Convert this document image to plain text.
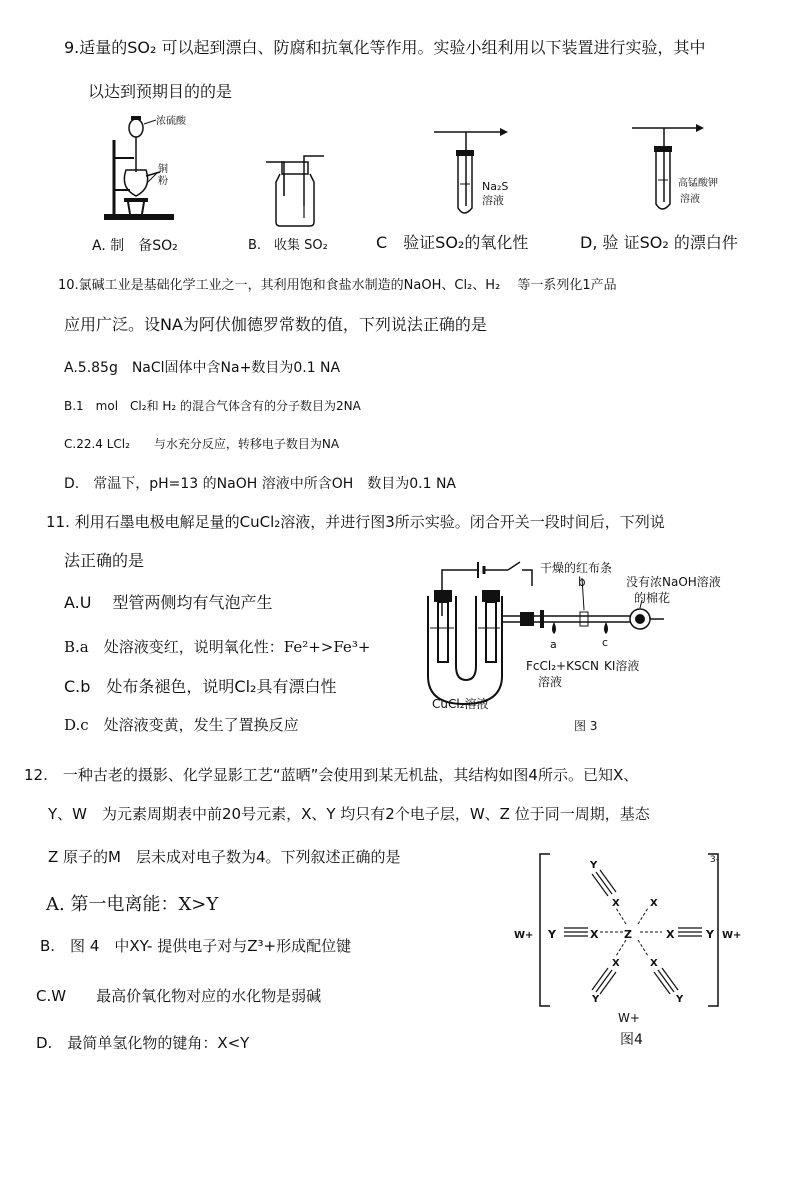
9.适量的SO₂ 可以起到漂白、防腐和抗氧化等作用。实验小组利用以下装置进行实验，其中
以达到预期目的的是
浓硫酸
铜
粉	Na₂S
溶液
高锰酸钾
溶液
A. 制　备SO₂	B.　收集 SO₂	C　验证SO₂的氧化性	D, 验 证SO₂ 的漂白件
10.氯碱工业是基础化学工业之一，其利用饱和食盐水制造的NaOH、Cl₂、H₂　 等一系列化1产品
应用广泛。设NA为阿伏伽德罗常数的值，下列说法正确的是
A.5.85g　NaCl固体中含Na+数目为0.1 NA
B.1　mol　Cl₂和 H₂ 的混合气体含有的分子数目为2NA
C.22.4 LCl₂　　与水充分反应，转移电子数目为NA
D.　常温下，pH=13 的NaOH 溶液中所含OH　数目为0.1 NA
11. 利用石墨电极电解足量的CuCl₂溶液，并进行图3所示实验。闭合开关一段时间后，下列说
法正确的是
A.U　 型管两侧均有气泡产生
B.a　处溶液变红，说明氧化性：Fe²+>Fe³+
C.b　处布条褪色，说明Cl₂具有漂白性
D.c　处溶液变黄，发生了置换反应
干燥的红布条
b	没有浓NaOH溶液
的棉花
a	c
FcCl₂+KSCN
溶液
KI溶液
CuCl₂溶液
图 3
12.　一种古老的摄影、化学显影工艺“蓝晒”会使用到某无机盐，其结构如图4所示。已知X、
Y、W　为元素周期表中前20号元素，X、Y 均只有2个电子层，W、Z 位于同一周期，基态
Z 原子的M　层未成对电子数为4。下列叙述正确的是
A. 第一电离能：X>Y
B.　图 4　中XY- 提供电子对与Z³+形成配位键
C.W　　最高价氧化物对应的水化物是弱碱
D.　最简单氢化物的键角：X<Y
3-
W+	W+
Z
Y	X	X	Y
Y
X	X
X	X
Y	Y
W+
图4
